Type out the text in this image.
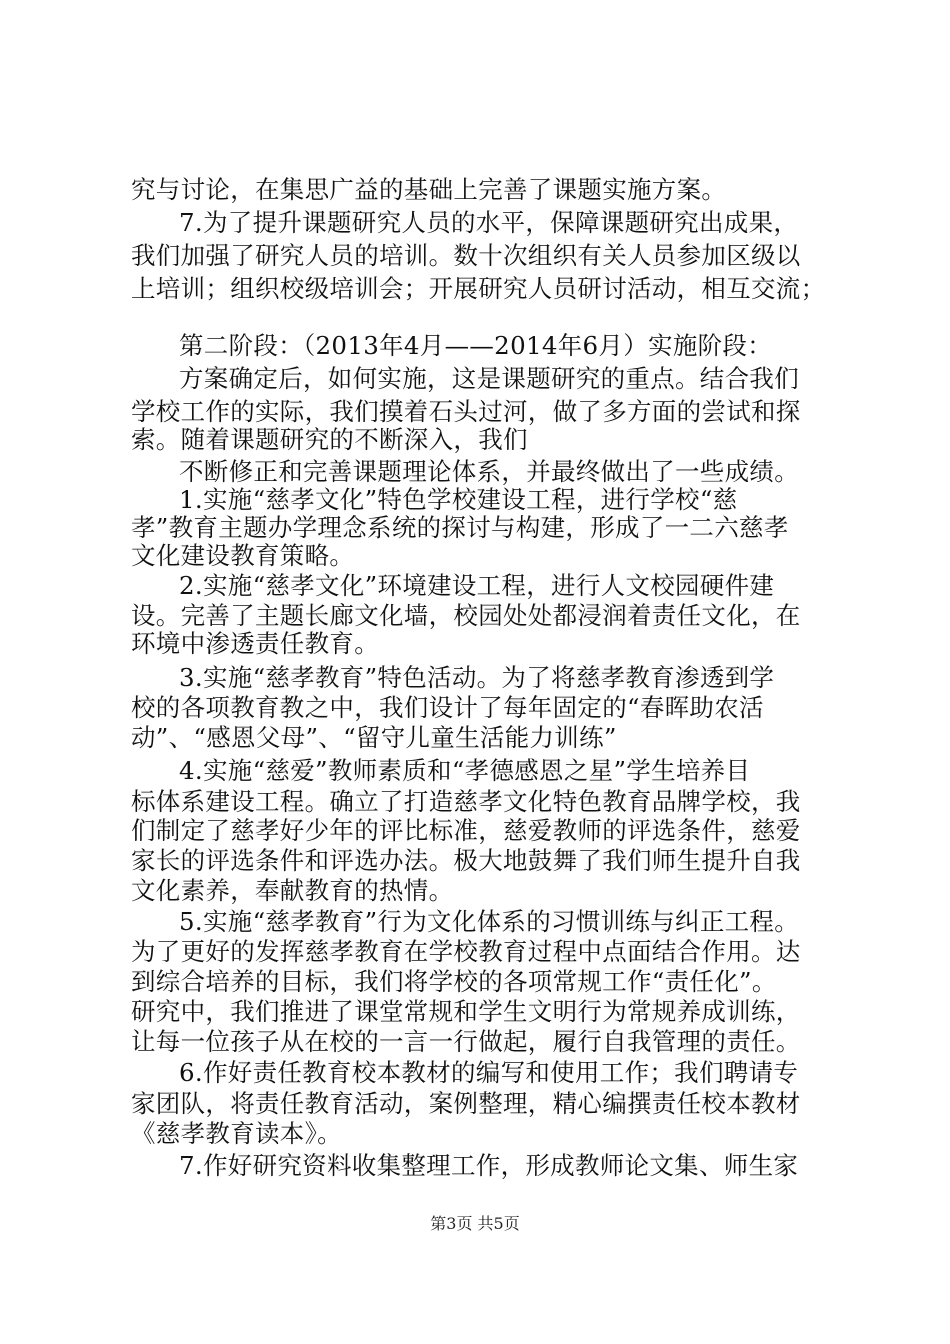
究与讨论，在集思广益的基础上完善了课题实施方案。
7.为了提升课题研究人员的水平，保障课题研究出成果，
我们加强了研究人员的培训。数十次组织有关人员参加区级以
上培训；组织校级培训会；开展研究人员研讨活动，相互交流；
第二阶段：（2013年4月——2014年6月）实施阶段：
方案确定后，如何实施，这是课题研究的重点。结合我们
学校工作的实际，我们摸着石头过河，做了多方面的尝试和探
索。随着课题研究的不断深入，我们
不断修正和完善课题理论体系，并最终做出了一些成绩。
1.实施“慈孝文化”特色学校建设工程，进行学校“慈
孝”教育主题办学理念系统的探讨与构建，形成了一二六慈孝
文化建设教育策略。
2.实施“慈孝文化”环境建设工程，进行人文校园硬件建
设。完善了主题长廊文化墙，校园处处都浸润着责任文化，在
环境中渗透责任教育。
3.实施“慈孝教育”特色活动。为了将慈孝教育渗透到学
校的各项教育教之中，我们设计了每年固定的“春晖助农活
动”、“感恩父母”、“留守儿童生活能力训练”
4.实施“慈爱”教师素质和“孝德感恩之星”学生培养目
标体系建设工程。确立了打造慈孝文化特色教育品牌学校，我
们制定了慈孝好少年的评比标准，慈爱教师的评选条件，慈爱
家长的评选条件和评选办法。极大地鼓舞了我们师生提升自我
文化素养，奉献教育的热情。
5.实施“慈孝教育”行为文化体系的习惯训练与纠正工程。
为了更好的发挥慈孝教育在学校教育过程中点面结合作用。达
到综合培养的目标，我们将学校的各项常规工作“责任化”。
研究中，我们推进了课堂常规和学生文明行为常规养成训练，
让每一位孩子从在校的一言一行做起，履行自我管理的责任。
6.作好责任教育校本教材的编写和使用工作；我们聘请专
家团队，将责任教育活动，案例整理，精心编撰责任校本教材
《慈孝教育读本》。
7.作好研究资料收集整理工作，形成教师论文集、师生家
第3页 共5页
